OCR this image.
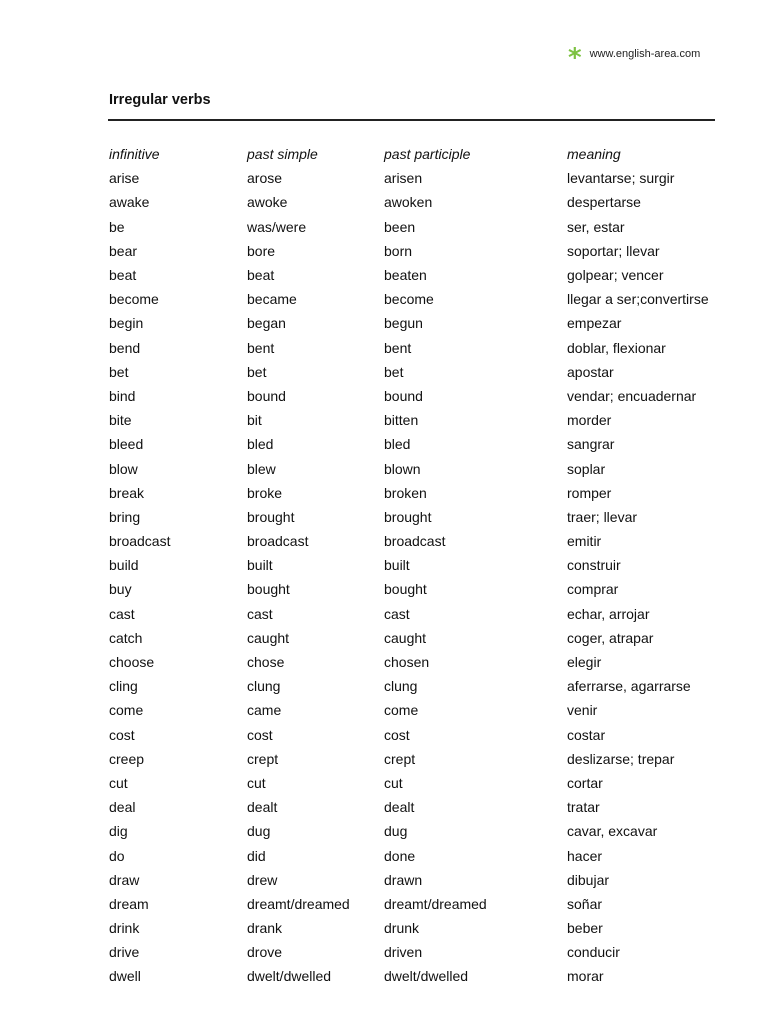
* www.english-area.com
Irregular verbs
infinitive	past simple	past participle	meaning
arise	arose	arisen	levantarse; surgir
awake	awoke	awoken	despertarse
be	was/were	been	ser, estar
bear	bore	born	soportar; llevar
beat	beat	beaten	golpear; vencer
become	became	become	llegar a ser;convertirse
begin	began	begun	empezar
bend	bent	bent	doblar, flexionar
bet	bet	bet	apostar
bind	bound	bound	vendar; encuadernar
bite	bit	bitten	morder
bleed	bled	bled	sangrar
blow	blew	blown	soplar
break	broke	broken	romper
bring	brought	brought	traer; llevar
broadcast	broadcast	broadcast	emitir
build	built	built	construir
buy	bought	bought	comprar
cast	cast	cast	echar, arrojar
catch	caught	caught	coger, atrapar
choose	chose	chosen	elegir
cling	clung	clung	aferrarse, agarrarse
come	came	come	venir
cost	cost	cost	costar
creep	crept	crept	deslizarse; trepar
cut	cut	cut	cortar
deal	dealt	dealt	tratar
dig	dug	dug	cavar, excavar
do	did	done	hacer
draw	drew	drawn	dibujar
dream	dreamt/dreamed	dreamt/dreamed	soñar
drink	drank	drunk	beber
drive	drove	driven	conducir
dwell	dwelt/dwelled	dwelt/dwelled	morar
